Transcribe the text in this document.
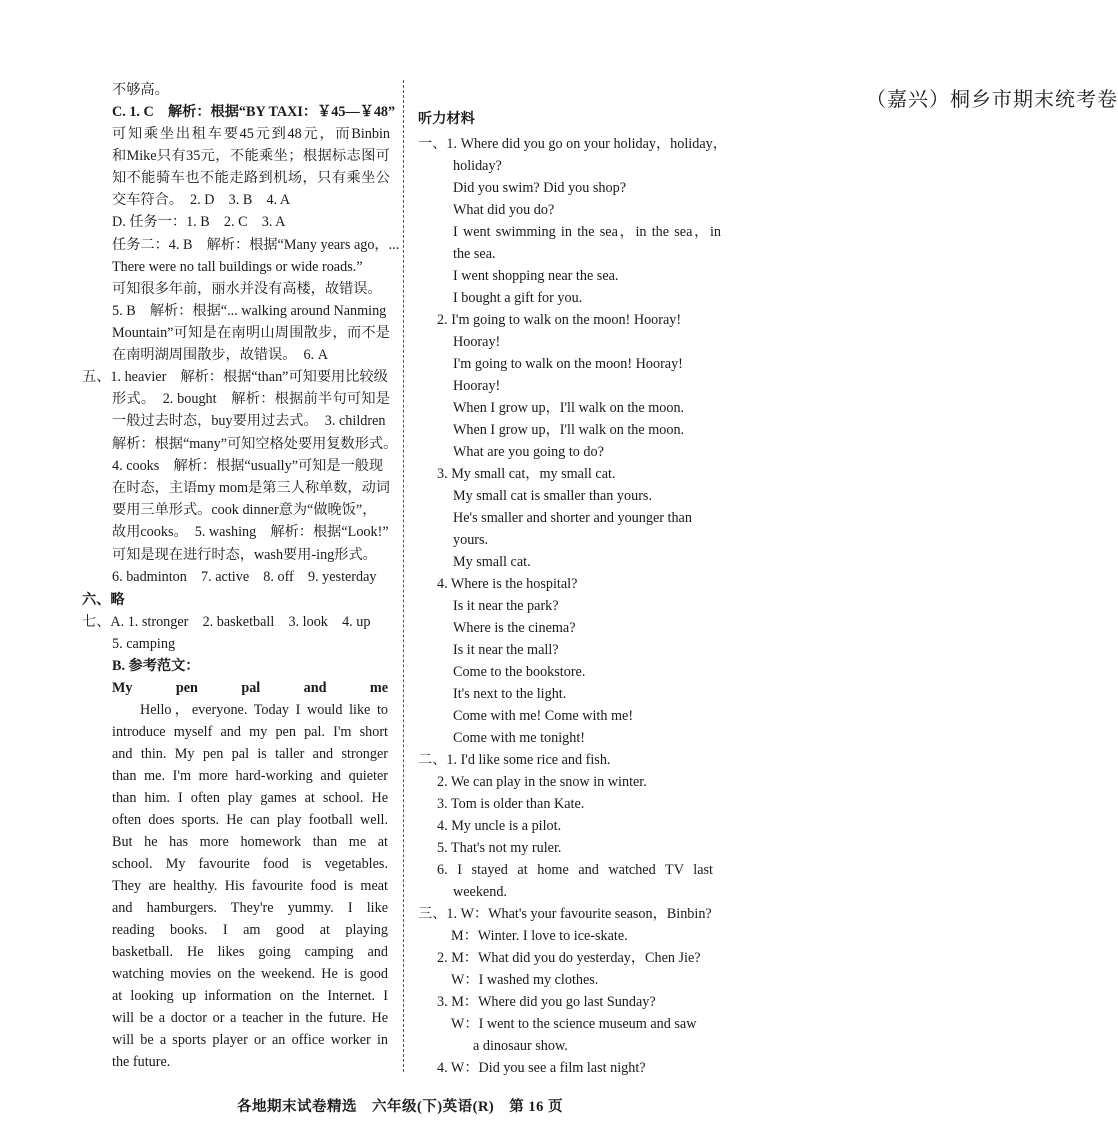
不够高。
C. 1. C　解析：根据“BY TAXI：￥45—￥48”
可知乘坐出租车要45元到48元，而Binbin
和Mike只有35元，不能乘坐；根据标志图可
知不能骑车也不能走路到机场，只有乘坐公
交车符合。　2. D　3. B　4. A
D. 任务一：1. B　2. C　3. A
任务二：4. B　解析：根据“Many years ago，...
There were no tall buildings or wide roads.”
可知很多年前，丽水并没有高楼，故错误。
5. B　解析：根据“... walking around Nanming
Mountain”可知是在南明山周围散步，而不是
在南明湖周围散步，故错误。　6. A
五、1. heavier　解析：根据“than”可知要用比较级
形式。　2. bought　解析：根据前半句可知是
一般过去时态，buy要用过去式。　3. children
解析：根据“many”可知空格处要用复数形式。
4. cooks　解析：根据“usually”可知是一般现
在时态，主语my mom是第三人称单数，动词
要用三单形式。cook dinner意为“做晚饭”，
故用cooks。　5. washing　解析：根据“Look!”
可知是现在进行时态，wash要用-ing形式。
6. badminton　7. active　8. off　9. yesterday
六、略
七、A. 1. stronger　2. basketball　3. look　4. up
5. camping
B. 参考范文：
My pen pal and me
Hello，everyone. Today I would like to
introduce myself and my pen pal. I'm short
and thin. My pen pal is taller and stronger
than me. I'm more hard-working and quieter
than him. I often play games at school. He
often does sports. He can play football well.
But he has more homework than me at
school. My favourite food is vegetables.
They are healthy. His favourite food is meat
and hamburgers. They're yummy. I like
reading books. I am good at playing
basketball. He likes going camping and
watching movies on the weekend. He is good
at looking up information on the Internet. I
will be a doctor or a teacher in the future. He
will be a sports player or an office worker in
the future.
（嘉兴）桐乡市期末统考卷
听力材料
一、1. Where did you go on your holiday，holiday，
holiday?
Did you swim? Did you shop?
What did you do?
I went swimming in the sea，in the sea，in
the sea.
I went shopping near the sea.
I bought a gift for you.
2. I'm going to walk on the moon! Hooray!
Hooray!
I'm going to walk on the moon! Hooray!
Hooray!
When I grow up，I'll walk on the moon.
When I grow up，I'll walk on the moon.
What are you going to do?
3. My small cat，my small cat.
My small cat is smaller than yours.
He's smaller and shorter and younger than
yours.
My small cat.
4. Where is the hospital?
Is it near the park?
Where is the cinema?
Is it near the mall?
Come to the bookstore.
It's next to the light.
Come with me! Come with me!
Come with me tonight!
二、1. I'd like some rice and fish.
2. We can play in the snow in winter.
3. Tom is older than Kate.
4. My uncle is a pilot.
5. That's not my ruler.
6. I stayed at home and watched TV last
weekend.
三、1. W：What's your favourite season，Binbin?
M：Winter. I love to ice-skate.
2. M：What did you do yesterday，Chen Jie?
W：I washed my clothes.
3. M：Where did you go last Sunday?
W：I went to the science museum and saw
a dinosaur show.
4. W：Did you see a film last night?
各地期末试卷精选　六年级(下)英语(R)　第 16 页
